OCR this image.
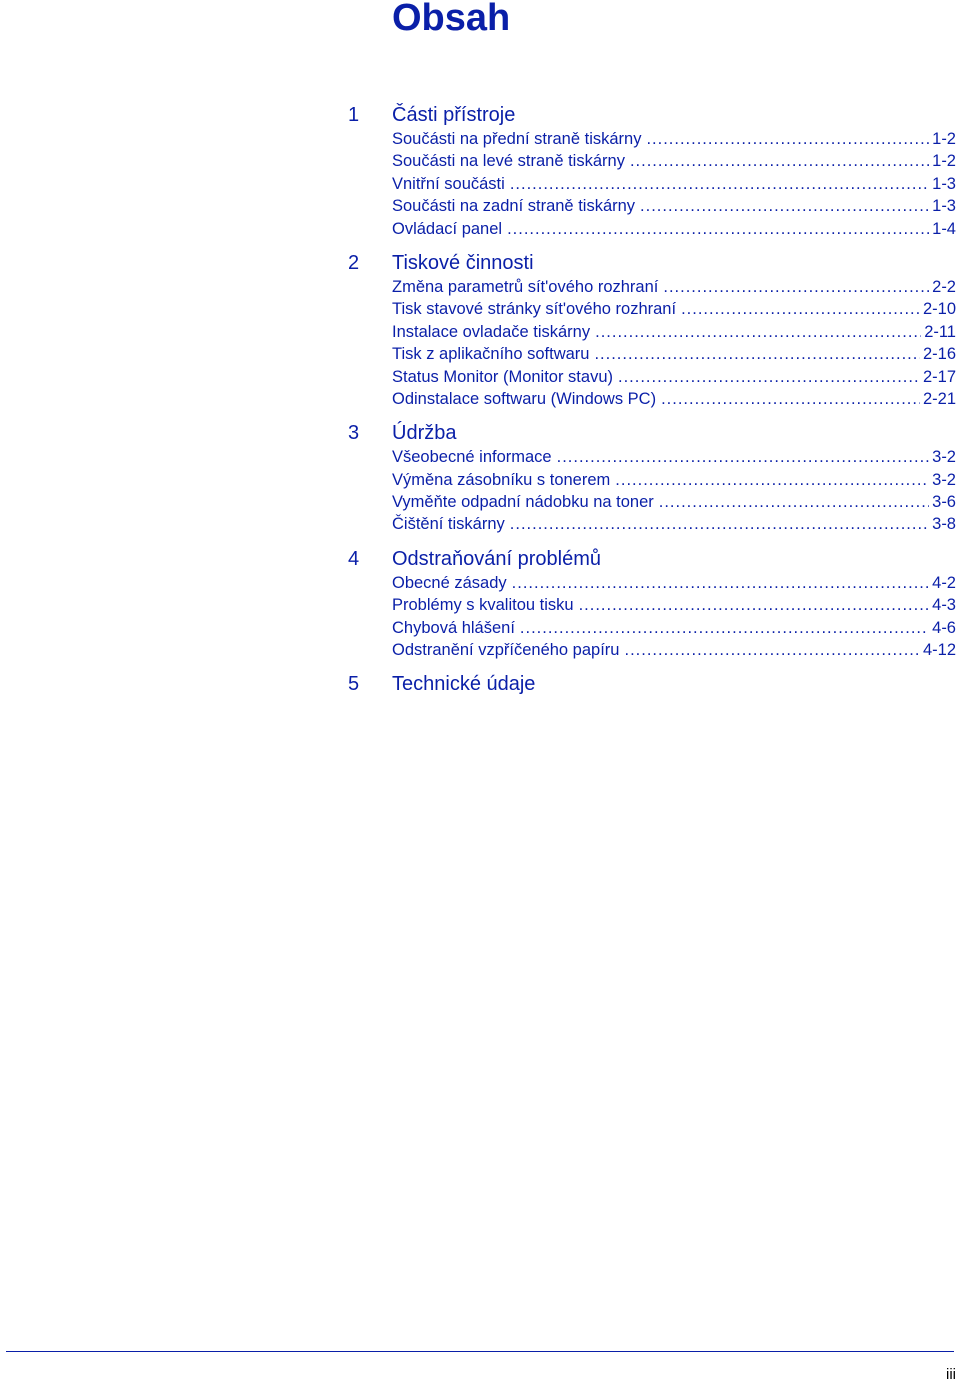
Obsah
1	Části přístroje
Součásti na přední straně tiskárny .....	1-2
Součásti na levé straně tiskárny .....	1-2
Vnitřní součásti .....	1-3
Součásti na zadní straně tiskárny .....	1-3
Ovládací panel .....	1-4
2	Tiskové činnosti
Změna parametrů sít'ového rozhraní .....	2-2
Tisk stavové stránky sít'ového rozhraní .....	2-10
Instalace ovladače tiskárny .....	2-11
Tisk z aplikačního softwaru .....	2-16
Status Monitor (Monitor stavu) .....	2-17
Odinstalace softwaru (Windows PC) .....	2-21
3	Údržba
Všeobecné informace .....	3-2
Výměna zásobníku s tonerem .....	3-2
Vyměňte odpadní nádobku na toner .....	3-6
Čištění tiskárny .....	3-8
4	Odstraňování problémů
Obecné zásady .....	4-2
Problémy s kvalitou tisku .....	4-3
Chybová hlášení .....	4-6
Odstranění vzpříčeného papíru .....	4-12
5	Technické údaje
iii
